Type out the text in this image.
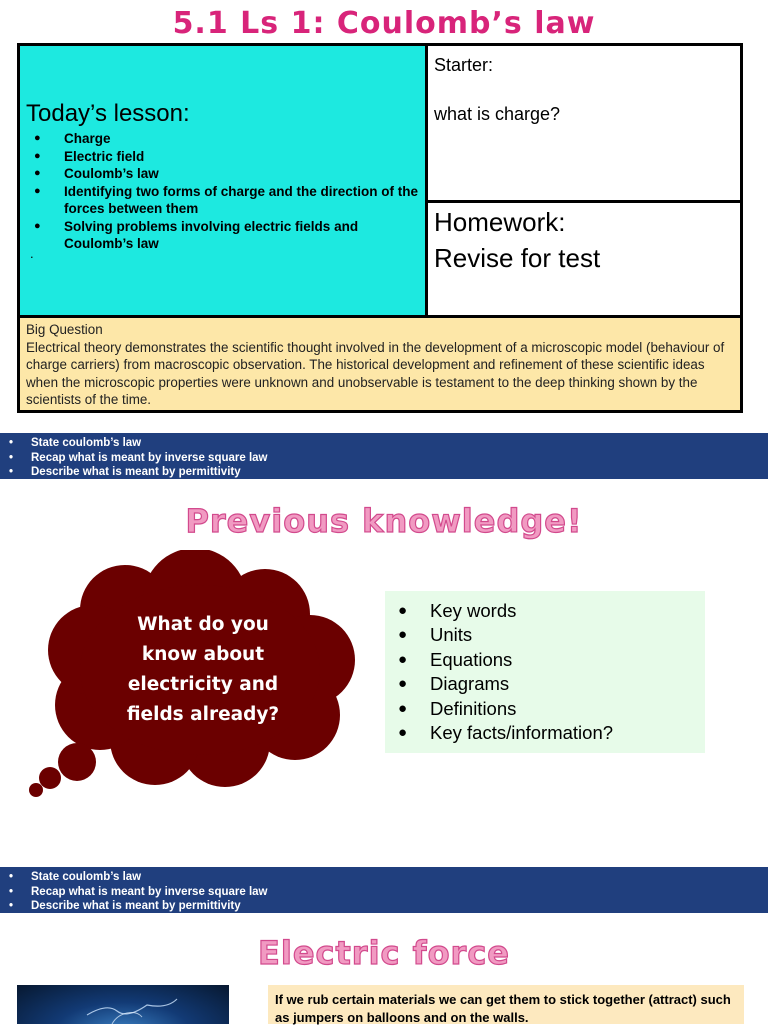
5.1 Ls 1: Coulomb’s law
Today’s lesson:
● Charge
● Electric field
● Coulomb’s law
● Identifying two forms of charge and the direction of the forces between them
● Solving problems involving electric fields and Coulomb’s law
.
Starter:
what is charge?
Homework:
Revise for test
Big Question
Electrical theory demonstrates the scientific thought involved in the development of a microscopic model (behaviour of charge carriers) from macroscopic observation. The historical development and refinement of these scientific ideas when the microscopic properties were unknown and unobservable is testament to the deep thinking shown by the scientists of the time.
• State coulomb’s law
• Recap what is meant by inverse square law
• Describe what is meant by permittivity
Previous knowledge!
What do you know about electricity and fields already?
● Key words
● Units
● Equations
● Diagrams
● Definitions
● Key facts/information?
• State coulomb’s law
• Recap what is meant by inverse square law
• Describe what is meant by permittivity
Electric force
If we rub certain materials we can get them to stick together (attract) such as jumpers on balloons and on the walls.
